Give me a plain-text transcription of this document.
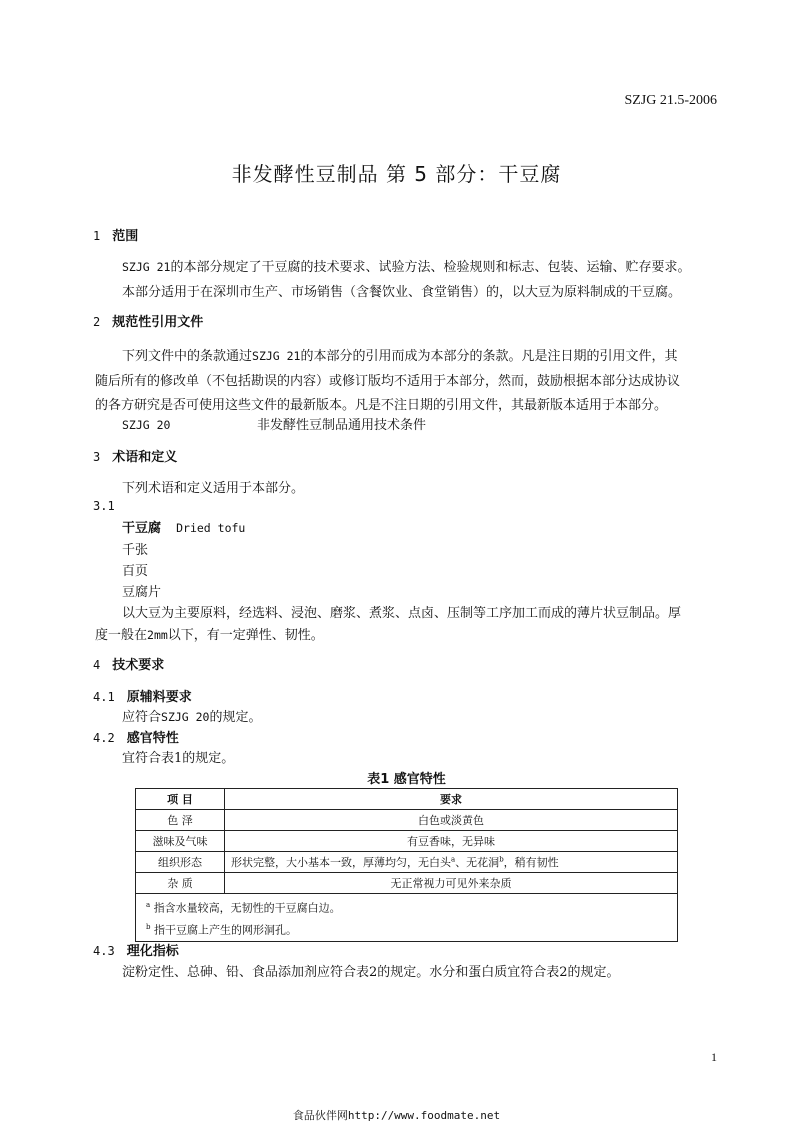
SZJG 21.5-2006
非发酵性豆制品 第 5 部分：干豆腐
1 范围
SZJG 21的本部分规定了干豆腐的技术要求、试验方法、检验规则和标志、包装、运输、贮存要求。
本部分适用于在深圳市生产、市场销售（含餐饮业、食堂销售）的，以大豆为原料制成的干豆腐。
2 规范性引用文件
下列文件中的条款通过SZJG 21的本部分的引用而成为本部分的条款。凡是注日期的引用文件，其
随后所有的修改单（不包括勘误的内容）或修订版均不适用于本部分，然而，鼓励根据本部分达成协议
的各方研究是否可使用这些文件的最新版本。凡是不注日期的引用文件，其最新版本适用于本部分。
SZJG 20	非发酵性豆制品通用技术条件
3 术语和定义
下列术语和定义适用于本部分。
3.1
干豆腐 Dried tofu
千张
百页
豆腐片
以大豆为主要原料，经选料、浸泡、磨浆、煮浆、点卤、压制等工序加工而成的薄片状豆制品。厚
度一般在2mm以下，有一定弹性、韧性。
4 技术要求
4.1 原辅料要求
应符合SZJG 20的规定。
4.2 感官特性
宜符合表1的规定。
表1 感官特性
项 目	要求
色 泽	白色或淡黄色
滋味及气味	有豆香味，无异味
组织形态	形状完整，大小基本一致，厚薄均匀，无白头$^a$、无花洞$^b$，稍有韧性
杂 质	无正常视力可见外来杂质

$^a$ 指含水量较高，无韧性的干豆腐白边。
$^b$ 指干豆腐上产生的网形洞孔。	
4.3 理化指标
淀粉定性、总砷、铅、食品添加剂应符合表2的规定。水分和蛋白质宜符合表2的规定。
1
食品伙伴网http://www.foodmate.net
